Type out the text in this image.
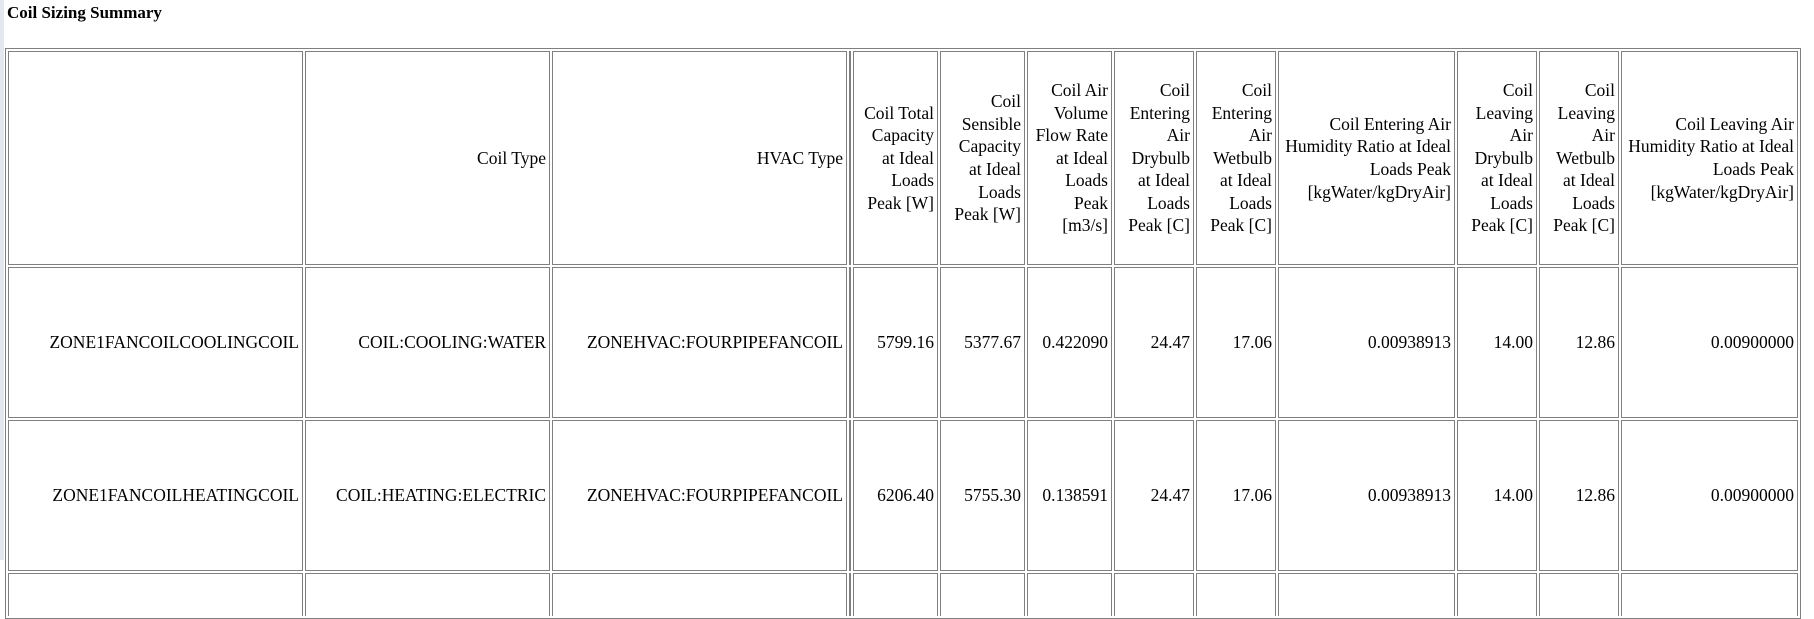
Coil Sizing Summary
	Coil Type	HVAC Type		Coil Total Capacity at Ideal Loads Peak [W]	Coil Sensible Capacity at Ideal Loads Peak [W]	Coil Air Volume Flow Rate at Ideal Loads Peak [m3/s]	Coil Entering Air Drybulb at Ideal Loads Peak [C]	Coil Entering Air Wetbulb at Ideal Loads Peak [C]	Coil Entering Air Humidity Ratio at Ideal Loads Peak [kgWater/kgDryAir]	Coil Leaving Air Drybulb at Ideal Loads Peak [C]	Coil Leaving Air Wetbulb at Ideal Loads Peak [C]	Coil Leaving Air Humidity Ratio at Ideal Loads Peak [kgWater/kgDryAir]
ZONE1FANCOILCOOLINGCOIL	COIL:COOLING:WATER	ZONEHVAC:FOURPIPEFANCOIL		5799.16	5377.67	0.422090	24.47	17.06	0.00938913	14.00	12.86	0.00900000
ZONE1FANCOILHEATINGCOIL	COIL:HEATING:ELECTRIC	ZONEHVAC:FOURPIPEFANCOIL		6206.40	5755.30	0.138591	24.47	17.06	0.00938913	14.00	12.86	0.00900000
